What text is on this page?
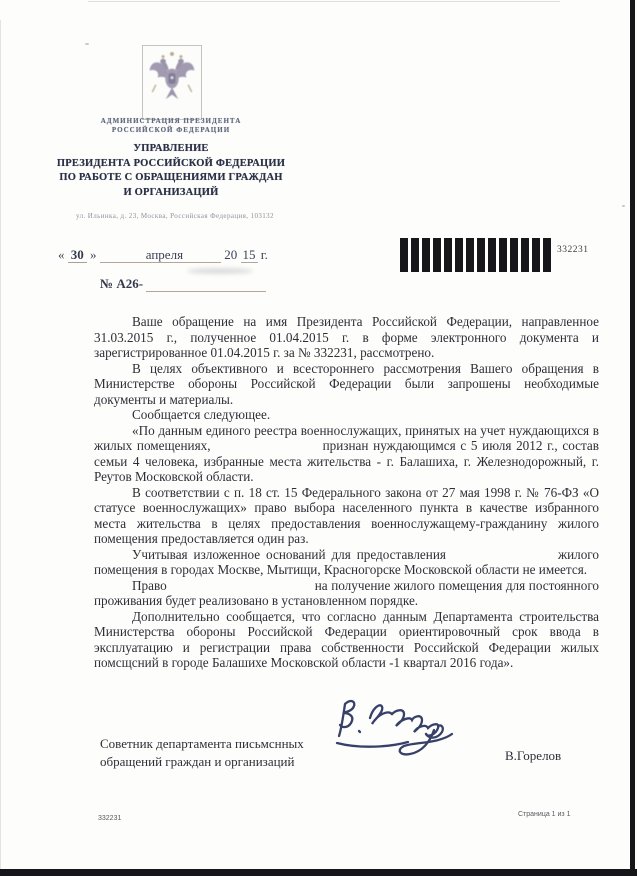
АДМИНИСТРАЦИЯ ПРЕЗИДЕНТА
РОССИЙСКОЙ ФЕДЕРАЦИИ
УПРАВЛЕНИЕ
ПРЕЗИДЕНТА РОССИЙСКОЙ ФЕДЕРАЦИИ
ПО РАБОТЕ С ОБРАЩЕНИЯМИ ГРАЖДАН
И ОРГАНИЗАЦИЙ
ул. Ильинка, д. 23, Москва, Российская Федерация, 103132
« 30 »	апреля	20 15 г.
№ А26-
332231

Ваше обращение на имя Президента Российской Федерации, направленное 31.03.2015 г., полученное 01.04.2015 г. в форме электронного документа и зарегистрированное 01.04.2015 г. за № 332231, рассмотрено.

В целях объективного и всестороннего рассмотрения Вашего обращения в Министерстве обороны Российской Федерации были запрошены необходимые документы и материалы.

Сообщается следующее.

«По данным единого реестра военнослужащих, принятых на учет нуждающихся в жилых помещениях,	признан нуждающимся с 5 июля 2012 г., состав семьи 4 человека, избранные места жительства - г. Балашиха, г. Железнодорожный, г. Реутов Московской области.

В соответствии с п. 18 ст. 15 Федерального закона от 27 мая 1998 г. № 76-ФЗ «О статусе военнослужащих» право выбора населенного пункта в качестве избранного места жительства в целях предоставления военнослужащему-гражданину жилого помещения предоставляется один раз.

Учитывая изложенное оснований для предоставления	жилого помещения в городах Москве, Мытищи, Красногорске Московской области не имеется.

Право	на получение жилого помещения для постоянного проживания будет реализовано в установленном порядке.

Дополнительно сообщается, что согласно данным Департамента строительства Министерства обороны Российской Федерации ориентировочный срок ввода в эксплуатацию и регистрации права собственности Российской Федерации жилых помсщсний в городе Балашихе Московской области -1 квартал 2016 года».

Советник департамента письмснных
обращений граждан и организаций	В.Горелов
332231
Страница 1 из 1
